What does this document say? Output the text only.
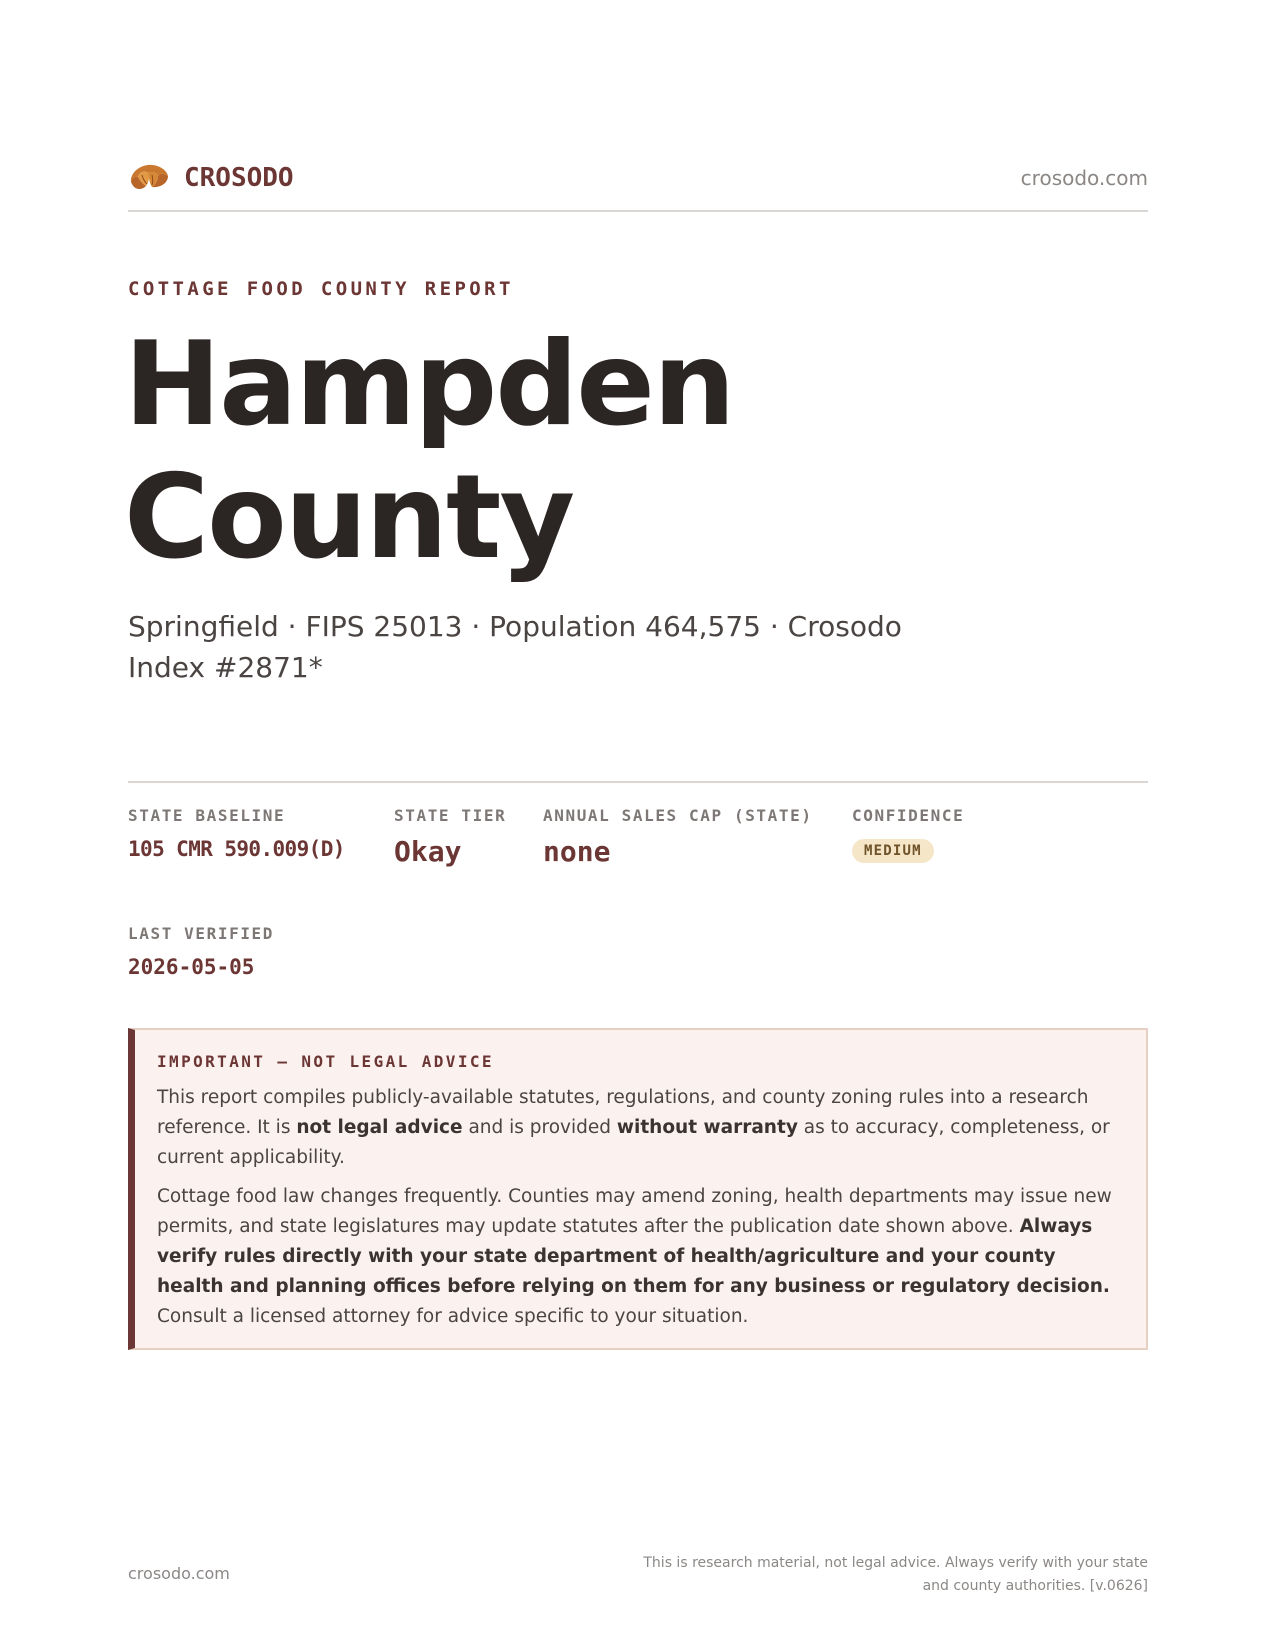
CROSODO	crosodo.com
COTTAGE FOOD COUNTY REPORT
Hampden County
Springfield · FIPS 25013 · Population 464,575 · Crosodo Index #2871*
STATE BASELINE
105 CMR 590.009(D)
STATE TIER
Okay
ANNUAL SALES CAP (STATE)
none
CONFIDENCE
MEDIUM
LAST VERIFIED
2026-05-05
IMPORTANT — NOT LEGAL ADVICE

This report compiles publicly-available statutes, regulations, and county zoning rules into a research reference. It is not legal advice and is provided without warranty as to accuracy, completeness, or current applicability.

Cottage food law changes frequently. Counties may amend zoning, health departments may issue new permits, and state legislatures may update statutes after the publication date shown above. Always verify rules directly with your state department of health/agriculture and your county health and planning offices before relying on them for any business or regulatory decision. Consult a licensed attorney for advice specific to your situation.

crosodo.com
This is research material, not legal advice. Always verify with your state and county authorities. [v.0626]
